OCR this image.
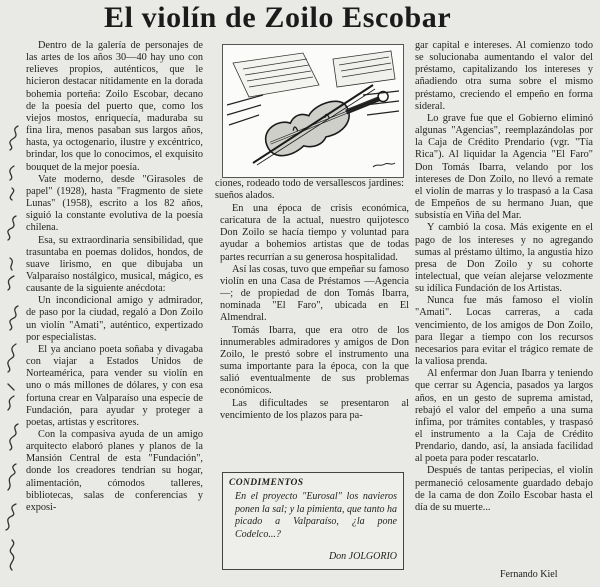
El violín de Zoilo Escobar

Dentro de la galería de personajes de las artes de los años 30—40 hay uno con relieves propios, auténticos, que le hicieron destacar nítidamente en la dorada bohemia porteña: Zoilo Escobar, decano de la poesía del puerto que, como los viejos mostos, enriquecía, maduraba su fina lira, menos pasaban sus largos años, hasta, ya octogenario, ilustre y excéntrico, brindar, los que lo conocimos, el exquisito bouquet de la mejor poesía.

Vate moderno, desde "Girasoles de papel" (1928), hasta "Fragmento de siete Lunas" (1958), escrito a los 82 años, siguió la constante evolutiva de la poesía chilena.

Esa, su extraordinaria sensibilidad, que trasuntaba en poemas dolidos, hondos, de suave lirismo, en que dibujaba un Valparaíso nostálgico, musical, mágico, es causante de la siguiente anécdota:

Un incondicional amigo y admirador, de paso por la ciudad, regaló a Don Zoilo un violín "Amati", auténtico, expertizado por especialistas.

El ya anciano poeta soñaba y divagaba con viajar a Estados Unidos de Norteamérica, para vender su violín en uno o más millones de dólares, y con esa fortuna crear en Valparaíso una especie de Fundación, para ayudar y proteger a poetas, artistas y escritores.

Con la compasiva ayuda de un amigo arquitecto elaboró planes y planos de la Mansión Central de esta "Fundación", donde los creadores tendrían su hogar, alimentación, cómodos talleres, bibliotecas, salas de conferencias y exposi-

ciones, rodeado todo de versallescos jardines: sueños alados.

En una época de crisis económica, caricatura de la actual, nuestro quijotesco Don Zoilo se hacía tiempo y voluntad para ayudar a bohemios artistas que de todas partes recurrían a su generosa hospitalidad.

Así las cosas, tuvo que empeñar su famoso violín en una Casa de Préstamos —Agencia—; de propiedad de don Tomás Ibarra, nominada "El Faro", ubicada en El Almendral.

Tomás Ibarra, que era otro de los innumerables admiradores y amigos de Don Zoilo, le prestó sobre el instrumento una suma importante para la época, con la que salió eventualmente de sus problemas económicos.

Las dificultades se presentaron al vencimiento de los plazos para pa-

CONDIMENTOS
En el proyecto "Eurosal" los navieros ponen la sal; y la pimienta, que tanto ha picado a Valparaíso, ¿la pone Codelco...?
Don JOLGORIO

gar capital e intereses. Al comienzo todo se solucionaba aumentando el valor del préstamo, capitalizando los intereses y añadiendo otra suma sobre el mismo préstamo, creciendo el empeño en forma sideral.

Lo grave fue que el Gobierno eliminó algunas "Agencias", reemplazándolas por la Caja de Crédito Prendario (vgr. "Tía Rica"). Al liquidar la Agencia "El Faro" Don Tomás Ibarra, velando por los intereses de Don Zoilo, no llevó a remate el violín de marras y lo traspasó a la Casa de Empeños de su hermano Juan, que subsistía en Viña del Mar.

Y cambió la cosa. Más exigente en el pago de los intereses y no agregando sumas al préstamo último, la angustia hizo presa de Don Zoilo y su cohorte intelectual, que veían alejarse velozmente su idílica Fundación de los Artistas.

Nunca fue más famoso el violín "Amati". Locas carreras, a cada vencimiento, de los amigos de Don Zoilo, para llegar a tiempo con los recursos necesarios para evitar el trágico remate de la valiosa prenda.

Al enfermar don Juan Ibarra y teniendo que cerrar su Agencia, pasados ya largos años, en un gesto de suprema amistad, rebajó el valor del empeño a una suma ínfima, por trámites contables, y traspasó el instrumento a la Caja de Crédito Prendario, dando, así, la ansiada facilidad al poeta para poder rescatarlo.

Después de tantas peripecias, el violín permaneció celosamente guardado debajo de la cama de don Zoilo Escobar hasta el día de su muerte...

Fernando Kiel
